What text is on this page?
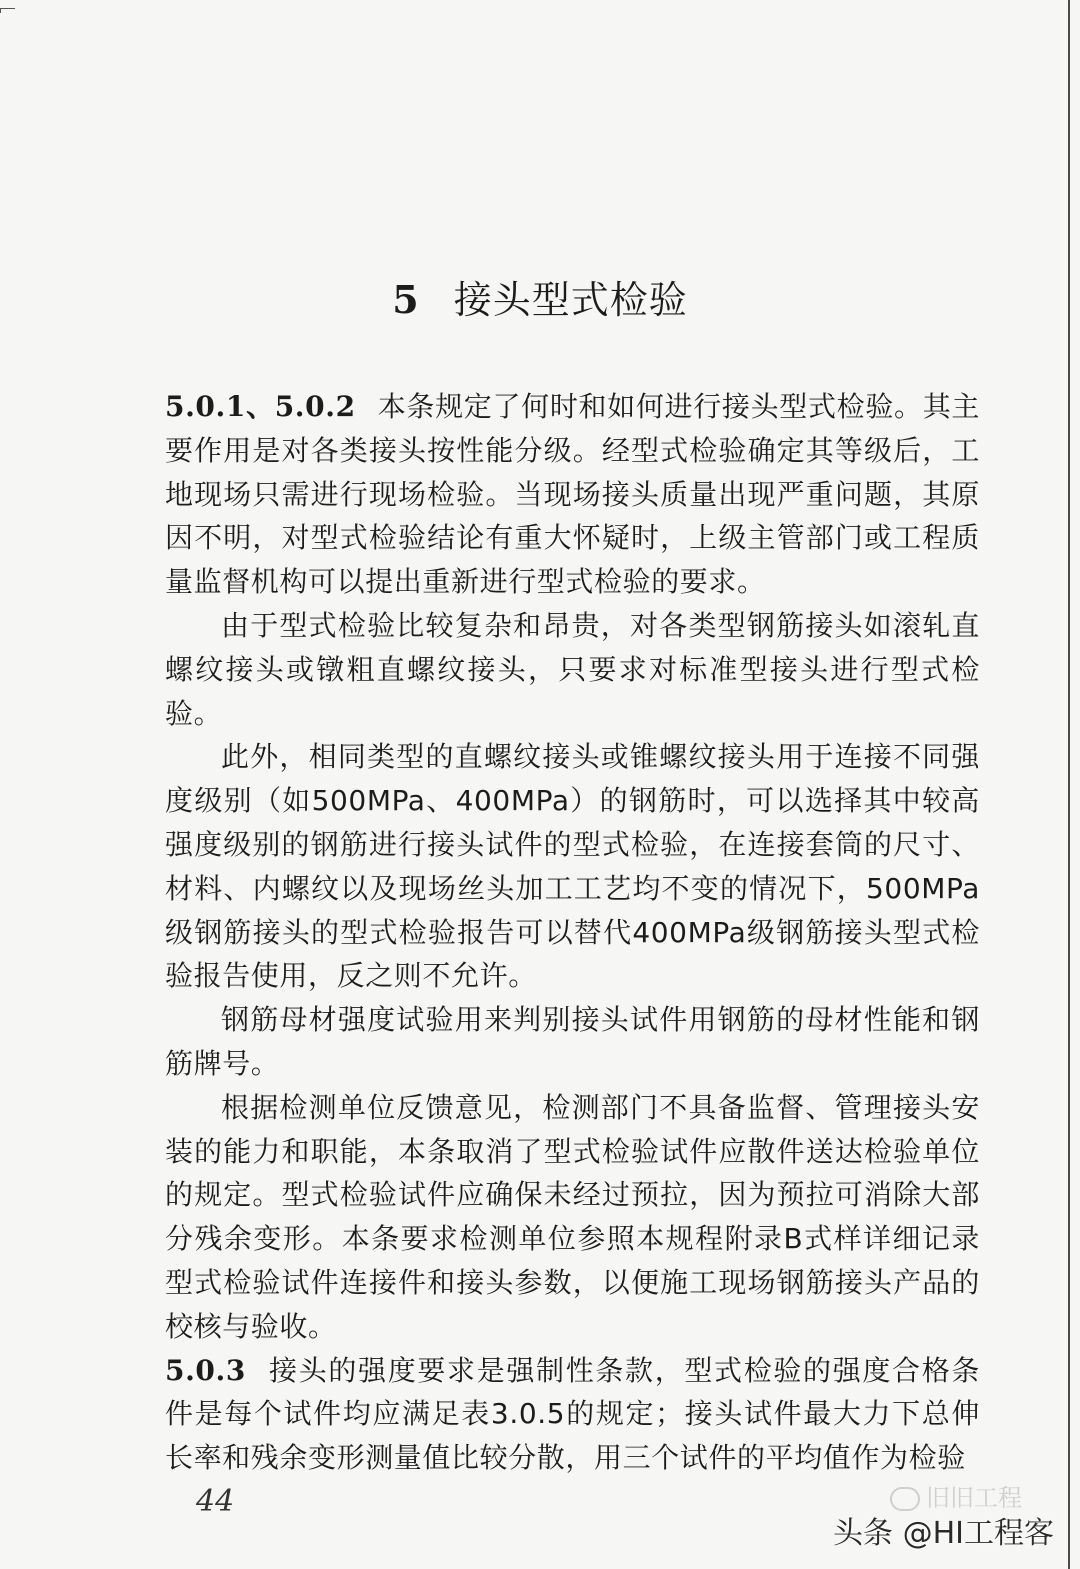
5 接头型式检验

5.0.1、5.0.2 本条规定了何时和如何进行接头型式检验。其主要作用是对各类接头按性能分级。经型式检验确定其等级后，工地现场只需进行现场检验。当现场接头质量出现严重问题，其原因不明，对型式检验结论有重大怀疑时，上级主管部门或工程质量监督机构可以提出重新进行型式检验的要求。

由于型式检验比较复杂和昂贵，对各类型钢筋接头如滚轧直螺纹接头或镦粗直螺纹接头，只要求对标准型接头进行型式检验。

此外，相同类型的直螺纹接头或锥螺纹接头用于连接不同强度级别（如500MPa、400MPa）的钢筋时，可以选择其中较高强度级别的钢筋进行接头试件的型式检验，在连接套筒的尺寸、材料、内螺纹以及现场丝头加工工艺均不变的情况下，500MPa级钢筋接头的型式检验报告可以替代400MPa级钢筋接头型式检验报告使用，反之则不允许。

钢筋母材强度试验用来判别接头试件用钢筋的母材性能和钢筋牌号。

根据检测单位反馈意见，检测部门不具备监督、管理接头安装的能力和职能，本条取消了型式检验试件应散件送达检验单位的规定。型式检验试件应确保未经过预拉，因为预拉可消除大部分残余变形。本条要求检测单位参照本规程附录B式样详细记录型式检验试件连接件和接头参数，以便施工现场钢筋接头产品的校核与验收。

5.0.3 接头的强度要求是强制性条款，型式检验的强度合格条件是每个试件均应满足表3.0.5的规定；接头试件最大力下总伸长率和残余变形测量值比较分散，用三个试件的平均值作为检验

44	旧旧工程
头条 @HI工程客
